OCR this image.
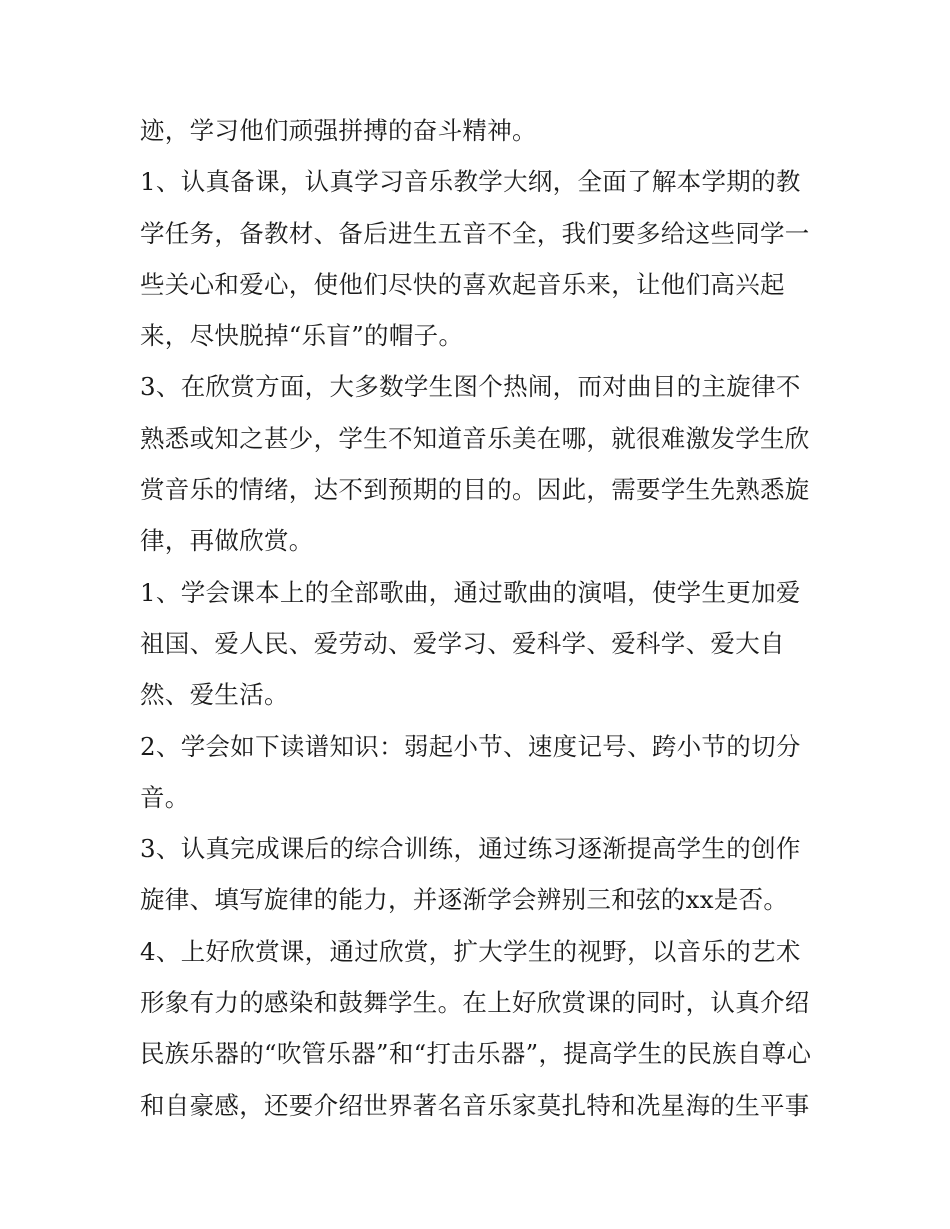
迹，学习他们顽强拼搏的奋斗精神。

1、认真备课，认真学习音乐教学大纲，全面了解本学期的教

学任务，备教材、备后进生五音不全，我们要多给这些同学一

些关心和爱心，使他们尽快的喜欢起音乐来，让他们高兴起

来，尽快脱掉“乐盲”的帽子。

3、在欣赏方面，大多数学生图个热闹，而对曲目的主旋律不

熟悉或知之甚少，学生不知道音乐美在哪，就很难激发学生欣

赏音乐的情绪，达不到预期的目的。因此，需要学生先熟悉旋

律，再做欣赏。

1、学会课本上的全部歌曲，通过歌曲的演唱，使学生更加爱

祖国、爱人民、爱劳动、爱学习、爱科学、爱科学、爱大自

然、爱生活。

2、学会如下读谱知识：弱起小节、速度记号、跨小节的切分

音。

3、认真完成课后的综合训练，通过练习逐渐提高学生的创作

旋律、填写旋律的能力，并逐渐学会辨别三和弦的xx是否。

4、上好欣赏课，通过欣赏，扩大学生的视野，以音乐的艺术

形象有力的感染和鼓舞学生。在上好欣赏课的同时，认真介绍

民族乐器的“吹管乐器”和“打击乐器”，提高学生的民族自尊心

和自豪感，还要介绍世界著名音乐家莫扎特和冼星海的生平事
